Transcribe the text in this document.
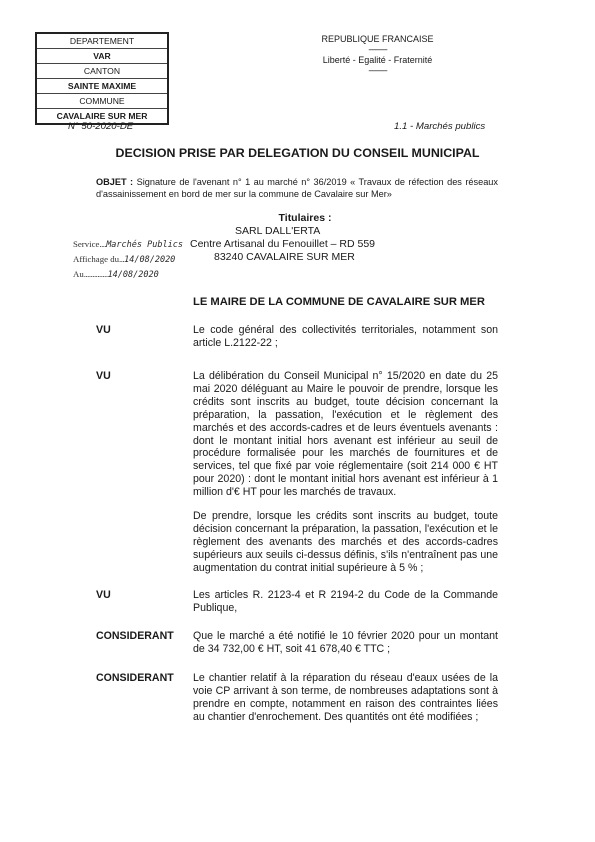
DEPARTEMENT
VAR
CANTON
SAINTE MAXIME
COMMUNE
CAVALAIRE SUR MER
REPUBLIQUE FRANCAISE
-----------
Liberté - Egalité - Fraternité
-----------
N° 50-2020-DE	1.1 - Marchés publics
DECISION PRISE PAR DELEGATION DU CONSEIL MUNICIPAL
OBJET : Signature de l'avenant n° 1 au marché n° 36/2019 « Travaux de réfection des réseaux d'assainissement en bord de mer sur la commune de Cavalaire sur Mer»
Titulaires :
SARL DALL'ERTA
Centre Artisanal du Fenouillet – RD 559
83240 CAVALAIRE SUR MER
Service....Marchés Publics
Affichage du...14/08/2020
Au..............14/08/2020
LE MAIRE DE LA COMMUNE DE CAVALAIRE SUR MER
VU	Le code général des collectivités territoriales, notamment son article L.2122-22 ;
VU	La délibération du Conseil Municipal n° 15/2020 en date du 25 mai 2020 déléguant au Maire le pouvoir de prendre, lorsque les crédits sont inscrits au budget, toute décision concernant la préparation, la passation, l'exécution et le règlement des marchés et des accords-cadres et de leurs éventuels avenants : dont le montant initial hors avenant est inférieur au seuil de procédure formalisée pour les marchés de fournitures et de services, tel que fixé par voie réglementaire (soit 214 000 € HT pour 2020) : dont le montant initial hors avenant est inférieur à 1 million d'€ HT pour les marchés de travaux.
De prendre, lorsque les crédits sont inscrits au budget, toute décision concernant la préparation, la passation, l'exécution et le règlement des avenants des marchés et des accords-cadres supérieurs aux seuils ci-dessus définis, s'ils n'entraînent pas une augmentation du contrat initial supérieure à 5 % ;
VU	Les articles R. 2123-4 et R 2194-2 du Code de la Commande Publique,
CONSIDERANT Que le marché a été notifié le 10 février 2020 pour un montant de 34 732,00 € HT, soit 41 678,40 € TTC ;
CONSIDERANT Le chantier relatif à la réparation du réseau d'eaux usées de la voie CP arrivant à son terme, de nombreuses adaptations sont à prendre en compte, notamment en raison des contraintes liées au chantier d'enrochement. Des quantités ont été modifiées ;
